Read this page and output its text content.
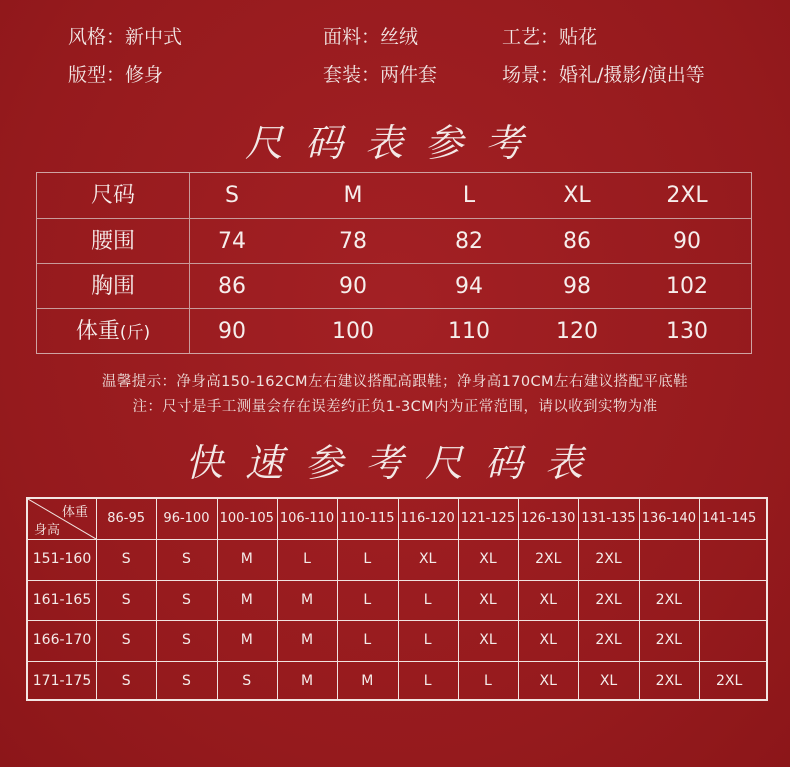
风格：新中式	面料：丝绒	工艺：贴花
版型：修身	套装：两件套	场景：婚礼/摄影/演出等
尺码表参考
尺码	S	M	L	XL	2XL
腰围	74	78	82	86	90
胸围	86	90	94	98	102
体重(斤)	90	100	110	120	130
温馨提示：净身高150-162CM左右建议搭配高跟鞋；净身高170CM左右建议搭配平底鞋
注：尺寸是手工测量会存在误差约正负1-3CM内为正常范围，请以收到实物为准
快速参考尺码表
体重
身高
86-95	96-100 100-105 106-110 110-115 116-120 121-125 126-130 131-135 136-140 141-145
151-160	S	S	M	L	L	XL	XL	2XL	2XL
161-165	S	S	M	M	L	L	XL	XL	2XL	2XL
166-170	S	S	M	M	L	L	XL	XL	2XL	2XL
171-175	S	S	S	M	M	L	L	XL	XL	2XL	2XL
